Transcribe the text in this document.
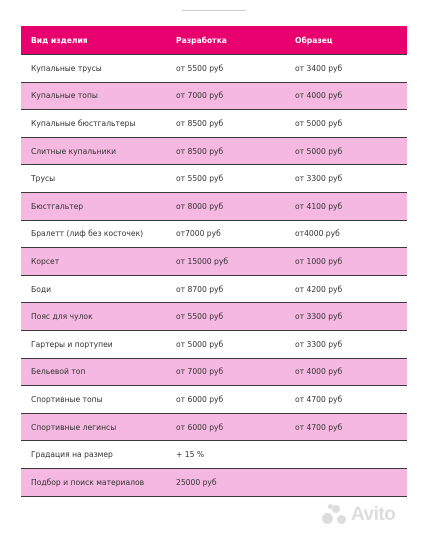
Вид изделия	Разработка	Образец
Купальные трусы	от 5500 руб	от 3400 руб
Купальные топы	от 7000 руб	от 4000 руб
Купальные бюстгальтеры	от 8500 руб	от 5000 руб
Слитные купальники	от 8500 руб	от 5000 руб
Трусы	от 5500 руб	от 3300 руб
Бюстгальтер	от 8000 руб	от 4100 руб
Бралетт (лиф без косточек)	от7000 руб	от4000 руб
Корсет	от 15000 руб	от 1000 руб
Боди	от 8700 руб	от 4200 руб
Пояс для чулок	от 5500 руб	от 3300 руб
Гартеры и портупеи	от 5000 руб	от 3300 руб
Бельевой топ	от 7000 руб	от 4000 руб
Спортивные топы	от 6000 руб	от 4700 руб
Спортивные легинсы	от 6000 руб	от 4700 руб
Градация на размер	+ 15 %
Подбор и поиск материалов	25000 руб
Avito
